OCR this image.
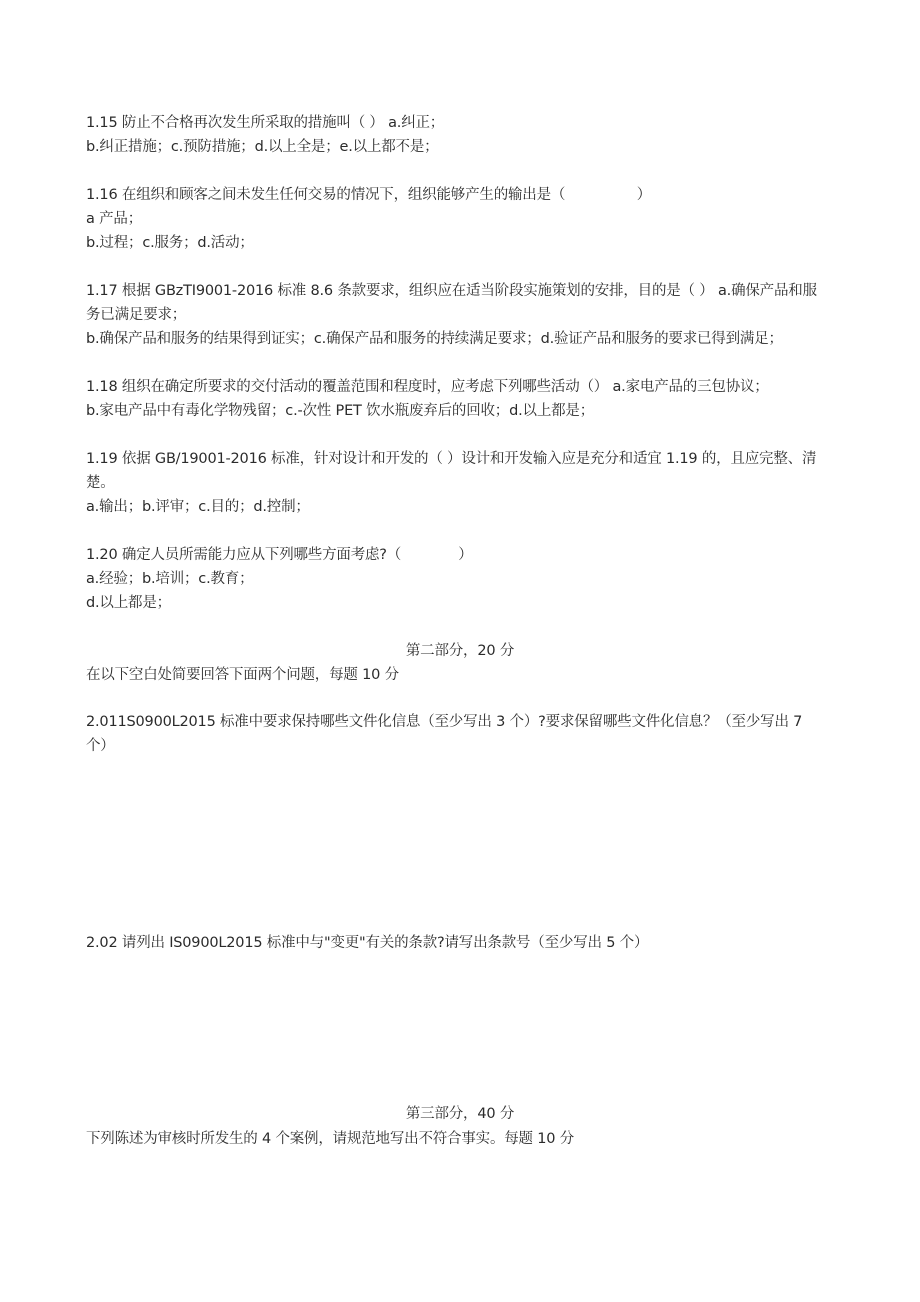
1.15 防止不合格再次发生所采取的措施叫（ ） a.纠正；
b.纠正措施；c.预防措施；d.以上全是；e.以上都不是；
1.16 在组织和顾客之间未发生任何交易的情况下，组织能够产生的输出是（　　　　　）
a 产品；
b.过程；c.服务；d.活动；
1.17 根据 GBzTI9001-2016 标准 8.6 条款要求，组织应在适当阶段实施策划的安排，目的是（ ） a.确保产品和服
务已满足要求；
b.确保产品和服务的结果得到证实；c.确保产品和服务的持续满足要求；d.验证产品和服务的要求已得到满足；
1.18 组织在确定所要求的交付活动的覆盖范围和程度时，应考虑下列哪些活动（） a.家电产品的三包协议；
b.家电产品中有毒化学物残留；c.-次性 PET 饮水瓶废弃后的回收；d.以上都是；
1.19 依据 GB/19001-2016 标准，针对设计和开发的（ ）设计和开发输入应是充分和适宜 1.19 的，且应完整、清
楚。
a.输出；b.评审；c.目的；d.控制；
1.20 确定人员所需能力应从下列哪些方面考虑?（　　　　）
a.经验；b.培训；c.教育；
d.以上都是；
第二部分，20 分
在以下空白处简要回答下面两个问题，每题 10 分
2.011S0900L2015 标准中要求保持哪些文件化信息（至少写出 3 个）?要求保留哪些文件化信息？（至少写出 7
个）
2.02 请列出 IS0900L2015 标准中与"变更"有关的条款?请写出条款号（至少写出 5 个）
第三部分，40 分
下列陈述为审核时所发生的 4 个案例，请规范地写出不符合事实。每题 10 分
